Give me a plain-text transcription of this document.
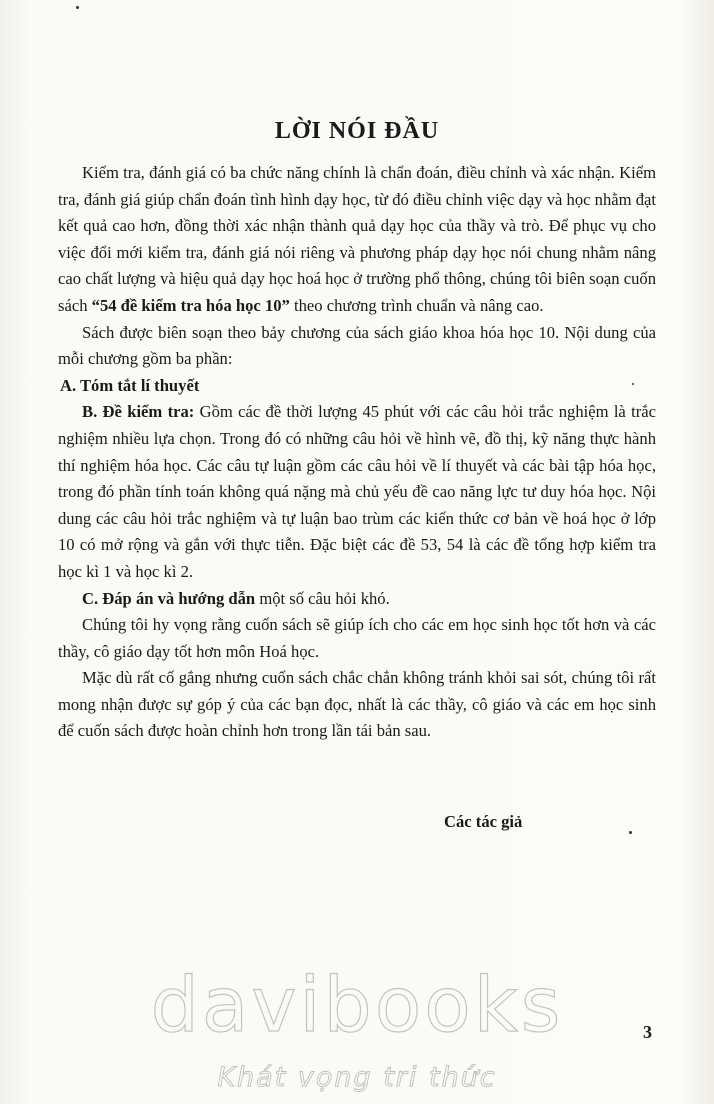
LỜI NÓI ĐẦU

Kiểm tra, đánh giá có ba chức năng chính là chẩn đoán, điều chỉnh và xác nhận. Kiểm tra, đánh giá giúp chẩn đoán tình hình dạy học, từ đó điều chỉnh việc dạy và học nhằm đạt kết quả cao hơn, đồng thời xác nhận thành quả dạy học của thầy và trò. Để phục vụ cho việc đổi mới kiểm tra, đánh giá nói riêng và phương pháp dạy học nói chung nhằm nâng cao chất lượng và hiệu quả dạy học hoá học ở trường phổ thông, chúng tôi biên soạn cuốn sách “54 đề kiểm tra hóa học 10” theo chương trình chuẩn và nâng cao.

Sách được biên soạn theo bảy chương của sách giáo khoa hóa học 10. Nội dung của mỗi chương gồm ba phần:

A. Tóm tắt lí thuyết

B. Đề kiểm tra: Gồm các đề thời lượng 45 phút với các câu hỏi trắc nghiệm là trắc nghiệm nhiều lựa chọn. Trong đó có những câu hỏi về hình vẽ, đồ thị, kỹ năng thực hành thí nghiệm hóa học. Các câu tự luận gồm các câu hỏi về lí thuyết và các bài tập hóa học, trong đó phần tính toán không quá nặng mà chủ yếu đề cao năng lực tư duy hóa học. Nội dung các câu hỏi trắc nghiệm và tự luận bao trùm các kiến thức cơ bản về hoá học ở lớp 10 có mở rộng và gắn với thực tiễn. Đặc biệt các đề 53, 54 là các đề tổng hợp kiểm tra học kì 1 và học kì 2.

C. Đáp án và hướng dẫn một số câu hỏi khó.

Chúng tôi hy vọng rằng cuốn sách sẽ giúp ích cho các em học sinh học tốt hơn và các thầy, cô giáo dạy tốt hơn môn Hoá học.

Mặc dù rất cố gắng nhưng cuốn sách chắc chắn không tránh khỏi sai sót, chúng tôi rất mong nhận được sự góp ý của các bạn đọc, nhất là các thầy, cô giáo và các em học sinh để cuốn sách được hoàn chỉnh hơn trong lần tái bản sau.

Các tác giả
davibooks
Khát vọng tri thức
3
